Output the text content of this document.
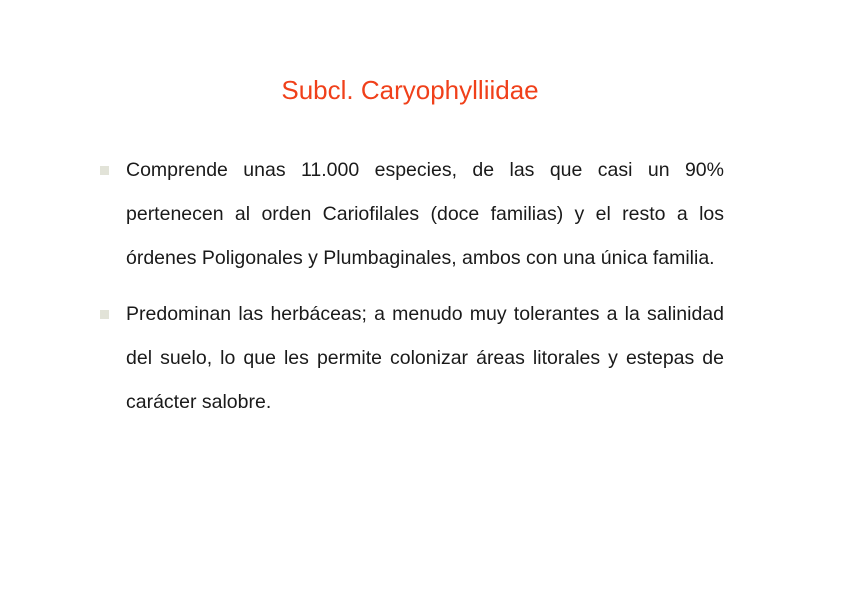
Subcl. Caryophylliidae
Comprende unas 11.000 especies, de las que casi un 90% pertenecen al orden Cariofilales (doce familias) y el resto a los órdenes Poligonales y Plumbaginales, ambos con una única familia.
Predominan las herbáceas; a menudo muy tolerantes a la salinidad del suelo, lo que les permite colonizar áreas litorales y estepas de carácter salobre.
